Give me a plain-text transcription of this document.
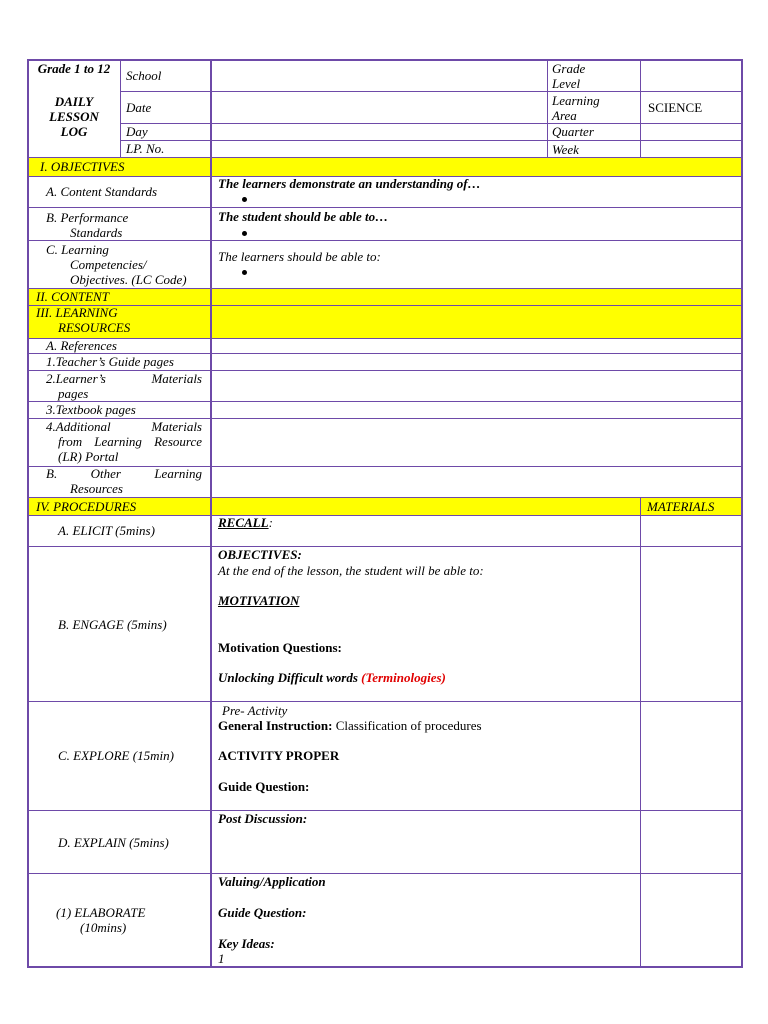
Grade 1 to 12
DAILY
LESSON
LOG
School
Date
Day
LP. No.
Grade
Level
Learning
Area
SCIENCE
Quarter
Week
I. OBJECTIVES
A. Content Standards
The learners demonstrate an understanding of…
B. Performance
Standards
The student should be able to…
C. Learning
Competencies/
Objectives. (LC Code)
The learners should be able to:
II. CONTENT
III. LEARNING
RESOURCES
A. References
1.Teacher’s Guide pages
2.Learner’s Materials
pages
3.Textbook pages
4.Additional Materials
from Learning Resource
(LR) Portal
B. Other Learning
Resources
IV. PROCEDURES	MATERIALS
A. ELICIT (5mins)
RECALL:
B. ENGAGE (5mins)
OBJECTIVES:
At the end of the lesson, the student will be able to:
MOTIVATION
Motivation Questions:
Unlocking Difficult words (Terminologies)
C. EXPLORE (15min)
Pre- Activity
General Instruction: Classification of procedures
ACTIVITY PROPER
Guide Question:
D. EXPLAIN (5mins)
Post Discussion:
(1) ELABORATE
(10mins)
Valuing/Application
Guide Question:
Key Ideas:
1
